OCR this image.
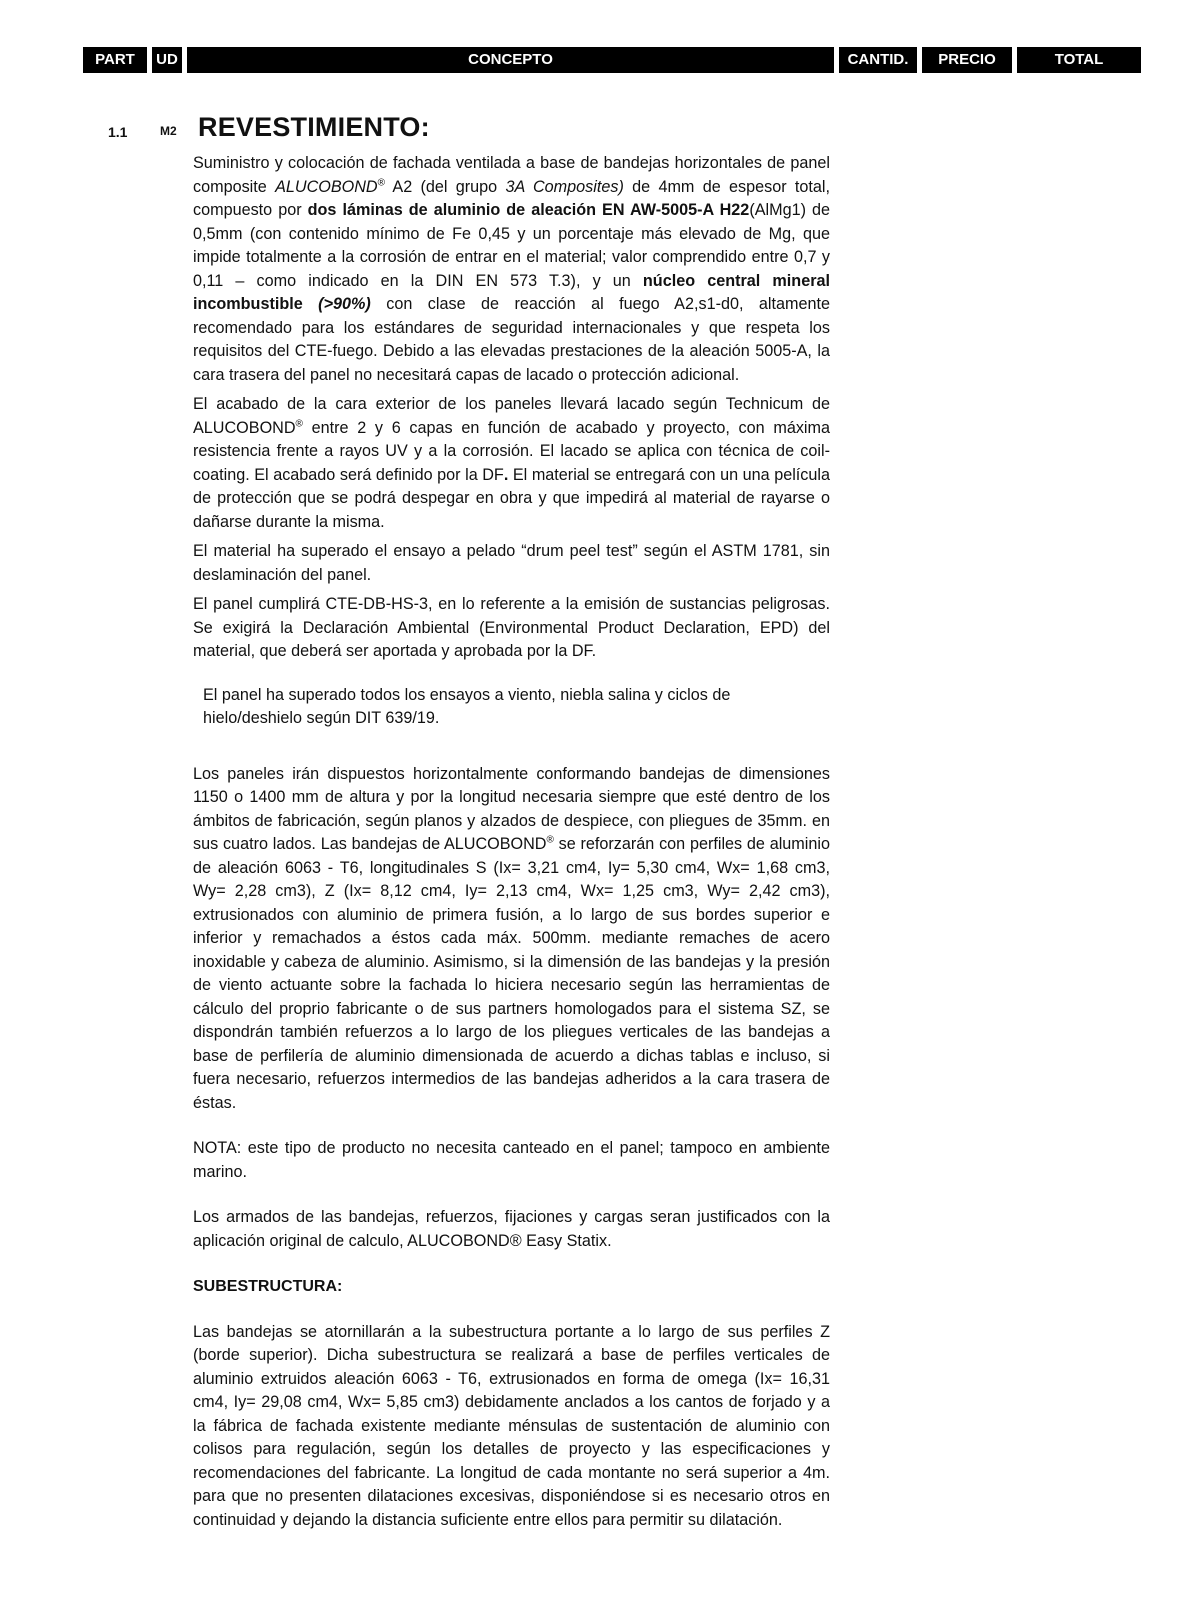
PART	UD	CONCEPTO	CANTID.	PRECIO	TOTAL
1.1	M2 REVESTIMIENTO:

Suministro y colocación de fachada ventilada a base de bandejas horizontales de panel composite ALUCOBOND® A2 (del grupo 3A Composites) de 4mm de espesor total, compuesto por dos láminas de aluminio de aleación EN AW-5005-A H22(AlMg1) de 0,5mm (con contenido mínimo de Fe 0,45 y un porcentaje más elevado de Mg, que impide totalmente a la corrosión de entrar en el material; valor comprendido entre 0,7 y 0,11 – como indicado en la DIN EN 573 T.3), y un núcleo central mineral incombustible (>90%) con clase de reacción al fuego A2,s1-d0, altamente recomendado para los estándares de seguridad internacionales y que respeta los requisitos del CTE-fuego. Debido a las elevadas prestaciones de la aleación 5005-A, la cara trasera del panel no necesitará capas de lacado o protección adicional.

El acabado de la cara exterior de los paneles llevará lacado según Technicum de ALUCOBOND® entre 2 y 6 capas en función de acabado y proyecto, con máxima resistencia frente a rayos UV y a la corrosión. El lacado se aplica con técnica de coil-coating. El acabado será definido por la DF. El material se entregará con un una película de protección que se podrá despegar en obra y que impedirá al material de rayarse o dañarse durante la misma.

El material ha superado el ensayo a pelado “drum peel test” según el ASTM 1781, sin deslaminación del panel.

El panel cumplirá CTE-DB-HS-3, en lo referente a la emisión de sustancias peligrosas. Se exigirá la Declaración Ambiental (Environmental Product Declaration, EPD) del material, que deberá ser aportada y aprobada por la DF.

El panel ha superado todos los ensayos a viento, niebla salina y ciclos de hielo/deshielo según DIT 639/19.

Los paneles irán dispuestos horizontalmente conformando bandejas de dimensiones 1150 o 1400 mm de altura y por la longitud necesaria siempre que esté dentro de los ámbitos de fabricación, según planos y alzados de despiece, con pliegues de 35mm. en sus cuatro lados. Las bandejas de ALUCOBOND® se reforzarán con perfiles de aluminio de aleación 6063 - T6, longitudinales S (Ix= 3,21 cm4, Iy= 5,30 cm4, Wx= 1,68 cm3, Wy= 2,28 cm3), Z (Ix= 8,12 cm4, Iy= 2,13 cm4, Wx= 1,25 cm3, Wy= 2,42 cm3), extrusionados con aluminio de primera fusión, a lo largo de sus bordes superior e inferior y remachados a éstos cada máx. 500mm. mediante remaches de acero inoxidable y cabeza de aluminio. Asimismo, si la dimensión de las bandejas y la presión de viento actuante sobre la fachada lo hiciera necesario según las herramientas de cálculo del proprio fabricante o de sus partners homologados para el sistema SZ, se dispondrán también refuerzos a lo largo de los pliegues verticales de las bandejas a base de perfilería de aluminio dimensionada de acuerdo a dichas tablas e incluso, si fuera necesario, refuerzos intermedios de las bandejas adheridos a la cara trasera de éstas.

NOTA: este tipo de producto no necesita canteado en el panel; tampoco en ambiente marino.

Los armados de las bandejas, refuerzos, fijaciones y cargas seran justificados con la aplicación original de calculo, ALUCOBOND® Easy Statix.

SUBESTRUCTURA:

Las bandejas se atornillarán a la subestructura portante a lo largo de sus perfiles Z (borde superior). Dicha subestructura se realizará a base de perfiles verticales de aluminio extruidos aleación 6063 - T6, extrusionados en forma de omega (Ix= 16,31 cm4, Iy= 29,08 cm4, Wx= 5,85 cm3) debidamente anclados a los cantos de forjado y a la fábrica de fachada existente mediante ménsulas de sustentación de aluminio con colisos para regulación, según los detalles de proyecto y las especificaciones y recomendaciones del fabricante. La longitud de cada montante no será superior a 4m. para que no presenten dilataciones excesivas, disponiéndose si es necesario otros en continuidad y dejando la distancia suficiente entre ellos para permitir su dilatación.
